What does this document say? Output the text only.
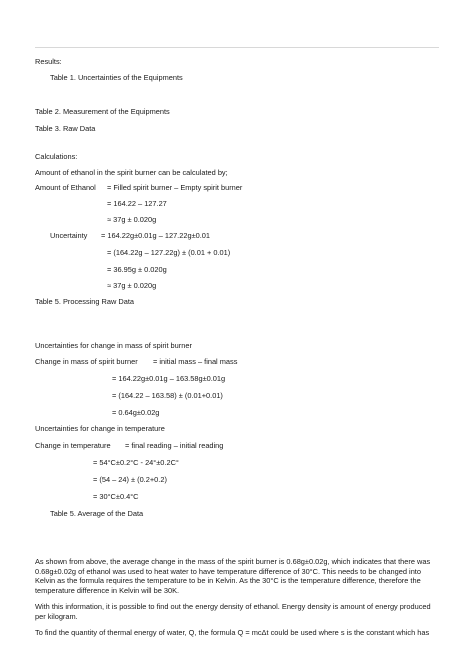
Results:
Table 1. Uncertainties of the Equipments
Table 2. Measurement of the Equipments
Table 3. Raw Data
Calculations:
Amount of ethanol in the spirit burner can be calculated by;
Amount of Ethanol = Filled spirit burner – Empty spirit burner
= 164.22 – 127.27
≈ 37g ± 0.020g
Uncertainty = 164.22g±0.01g – 127.22g±0.01
= (164.22g – 127.22g) ± (0.01 + 0.01)
= 36.95g ± 0.020g
≈ 37g ± 0.020g
Table 5. Processing Raw Data
Uncertainties for change in mass of spirit burner
Change in mass of spirit burner = initial mass – final mass
= 164.22g±0.01g – 163.58g±0.01g
= (164.22 – 163.58) ± (0.01+0.01)
= 0.64g±0.02g
Uncertainties for change in temperature
Change in temperature = final reading – initial reading
= 54°C±0.2°C - 24°±0.2C°
= (54 – 24) ± (0.2+0.2)
= 30°C±0.4°C
Table 5. Average of the Data
As shown from above, the average change in the mass of the spirit burner is 0.68g±0.02g, which indicates that there was 0.68g±0.02g of ethanol was used to heat water to have temperature difference of 30°C. This needs to be changed into Kelvin as the formula requires the temperature to be in Kelvin. As the 30°C is the temperature difference, therefore the temperature difference in Kelvin will be 30K.
With this information, it is possible to find out the energy density of ethanol. Energy density is amount of energy produced per kilogram.
To find the quantity of thermal energy of water, Q, the formula Q = mcΔt could be used where s is the constant which has
